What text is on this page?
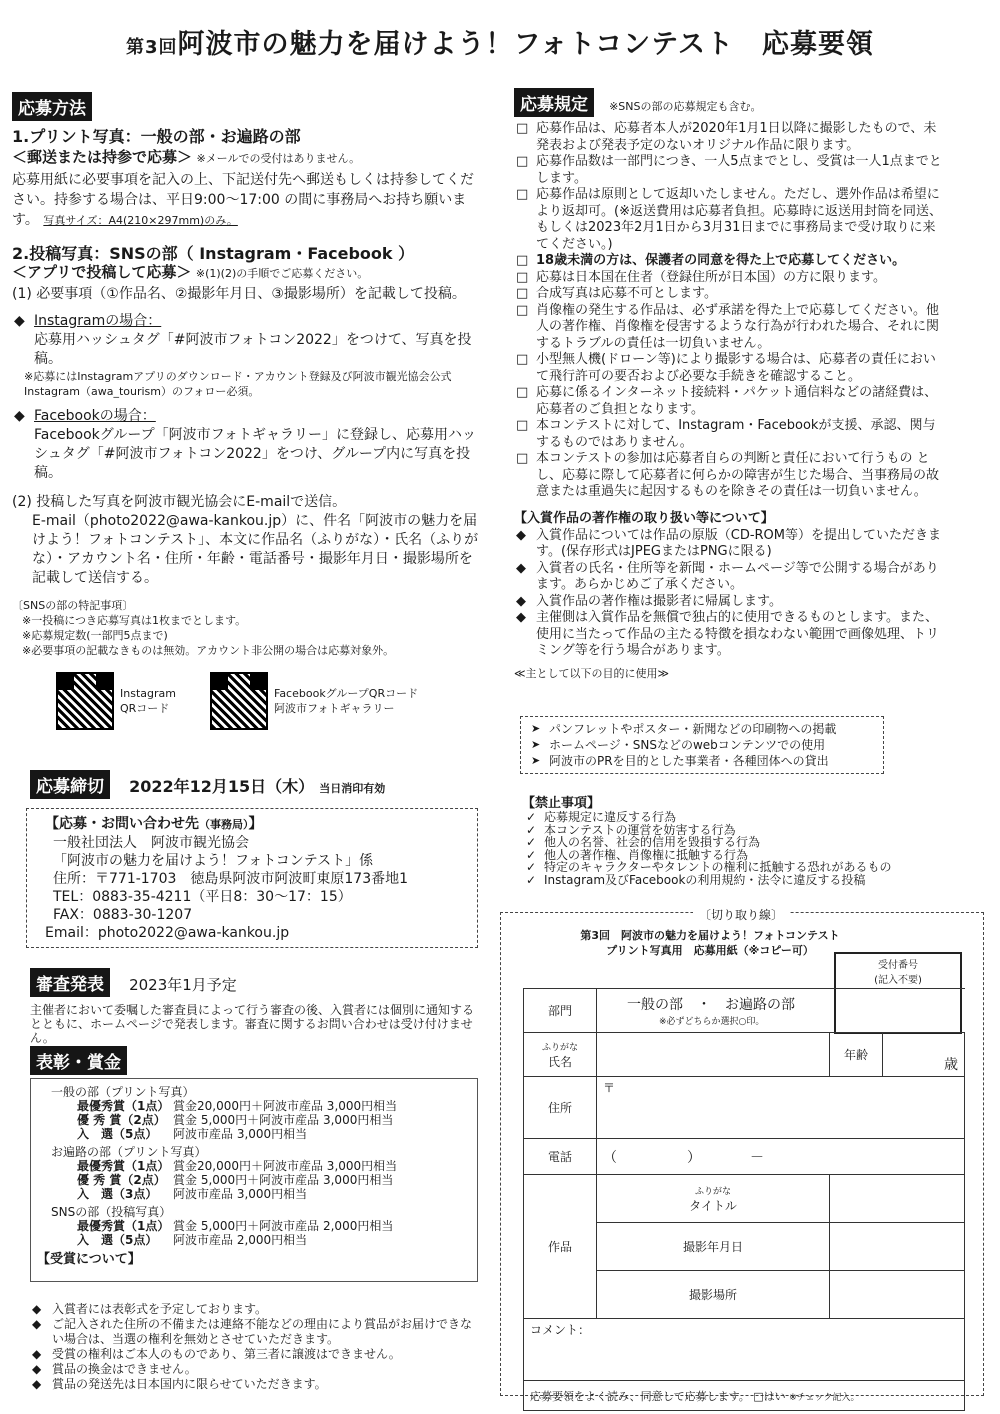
第3回阿波市の魅力を届けよう！フォトコンテスト　応募要領
応募方法
1.プリント写真：一般の部・お遍路の部
＜郵送または持参で応募＞ ※メールでの受付はありません。
応募用紙に必要事項を記入の上、下記送付先へ郵送もしくは持参してください。持参する場合は、平日9:00～17:00 の間に事務局へお持ち願います。 写真サイズ：A4(210×297mm)のみ。
2.投稿写真：SNSの部（ Instagram・Facebook ）
＜アプリで投稿して応募＞ ※(1)(2)の手順でご応募ください。
(1) 必要事項（①作品名、②撮影年月日、③撮影場所）を記載して投稿。
◆ Instagramの場合：
応募用ハッシュタグ「#阿波市フォトコン2022」をつけて、写真を投稿。
※応募にはInstagramアプリのダウンロード・アカウント登録及び阿波市観光協会公式Instagram（awa_tourism）のフォロー必須。
◆ Facebookの場合：
Facebookグループ「阿波市フォトギャラリー」に登録し、応募用ハッシュタグ「#阿波市フォトコン2022」をつけ、グループ内に写真を投稿。
(2) 投稿した写真を阿波市観光協会にE-mailで送信。
E-mail（photo2022@awa-kankou.jp）に、件名「阿波市の魅力を届けよう！フォトコンテスト」、本文に作品名（ふりがな）・氏名（ふりがな）・アカウント名・住所・年齢・電話番号・撮影年月日・撮影場所を記載して送信する。
〔SNSの部の特記事項〕
※一投稿につき応募写真は1枚までとします。
※応募規定数(一部門5点まで)
※必要事項の記載なきものは無効。アカウント非公開の場合は応募対象外。
Instagram QRコード
FacebookグループQRコード
阿波市フォトギャラリー
応募締切 2022年12月15日（木） 当日消印有効
【応募・お問い合わせ先（事務局）】
一般社団法人　阿波市観光協会
「阿波市の魅力を届けよう！フォトコンテスト」係
住所：〒771-1703　徳島県阿波市阿波町東原173番地1
TEL：0883-35-4211（平日8：30～17：15）
FAX：0883-30-1207
Email：photo2022@awa-kankou.jp
審査発表 2023年1月予定
主催者において委嘱した審査員によって行う審査の後、入賞者には個別に通知するとともに、ホームページで発表します。審査に関するお問い合わせは受け付けません。
表彰・賞金
一般の部（プリント写真）
最優秀賞（1点） 賞金20,000円＋阿波市産品 3,000円相当
優 秀 賞（2点） 賞金 5,000円＋阿波市産品 3,000円相当
入　選（5点） 阿波市産品 3,000円相当
お遍路の部（プリント写真）
最優秀賞（1点） 賞金20,000円＋阿波市産品 3,000円相当
優 秀 賞（2点） 賞金 5,000円＋阿波市産品 3,000円相当
入　選（3点） 阿波市産品 3,000円相当
SNSの部（投稿写真）
最優秀賞（1点） 賞金 5,000円＋阿波市産品 2,000円相当
入　選（5点） 阿波市産品 2,000円相当
【受賞について】
◆ 入賞者には表彰式を予定しております。
◆ ご記入された住所の不備または連絡不能などの理由により賞品がお届けできない場合は、当選の権利を無効とさせていただきます。
◆ 受賞の権利はご本人のものであり、第三者に譲渡はできません。
◆ 賞品の換金はできません。
◆ 賞品の発送先は日本国内に限らせていただきます。
応募規定 ※SNSの部の応募規定も含む。
□ 応募作品は、応募者本人が2020年1月1日以降に撮影したもので、未発表および発表予定のないオリジナル作品に限ります。
□ 応募作品数は一部門につき、一人5点までとし、受賞は一人1点までとします。
□ 応募作品は原則として返却いたしません。ただし、選外作品は希望により返却可。(※返送費用は応募者負担。応募時に返送用封筒を同送、もしくは2023年2月1日から3月31日までに事務局まで受け取りに来てください。)
□ 18歳未満の方は、保護者の同意を得た上で応募してください。
□ 応募は日本国在住者（登録住所が日本国）の方に限ります。
□ 合成写真は応募不可とします。
□ 肖像権の発生する作品は、必ず承諾を得た上で応募してください。他人の著作権、肖像権を侵害するような行為が行われた場合、それに関するトラブルの責任は一切負いません。
□ 小型無人機(ドローン等)により撮影する場合は、応募者の責任において飛行許可の要否および必要な手続きを確認すること。
□ 応募に係るインターネット接続料・パケット通信料などの諸経費は、応募者のご負担となります。
□ 本コンテストに対して、Instagram・Facebookが支援、承認、関与するものではありません。
□ 本コンテストの参加は応募者自らの判断と責任において行うもの とし、応募に際して応募者に何らかの障害が生じた場合、当事務局の故意または重過失に起因するものを除きその責任は一切負いません。
【入賞作品の著作権の取り扱い等について】
◆ 入賞作品については作品の原版（CD-ROM等）を提出していただきます。(保存形式はJPEGまたはPNGに限る)
◆ 入賞者の氏名・住所等を新聞・ホームページ等で公開する場合があります。あらかじめご了承ください。
◆ 入賞作品の著作権は撮影者に帰属します。
◆ 主催側は入賞作品を無償で独占的に使用できるものとします。また、使用に当たって作品の主たる特徴を損なわない範囲で画像処理、トリミング等を行う場合があります。
≪主として以下の目的に使用≫
➤ パンフレットやポスター・新聞などの印刷物への掲載
➤ ホームページ・SNSなどのwebコンテンツでの使用
➤ 阿波市のPRを目的とした事業者・各種団体への貸出
【禁止事項】
✓ 応募規定に違反する行為
✓ 本コンテストの運営を妨害する行為
✓ 他人の名誉、社会的信用を毀損する行為
✓ 他人の著作権、肖像権に抵触する行為
✓ 特定のキャラクターやタレントの権利に抵触する恐れがあるもの
✓ Instagram及びFacebookの利用規約・法令に違反する投稿
〔切り取り線〕
第3回　阿波市の魅力を届けよう！フォトコンテスト
プリント写真用　応募用紙（※コピー可）
受付番号
(記入不要)
部門	一般の部　・　お遍路の部
※必ずどちらか選択○印。		

ふりがな
氏名		年齢	歳
住所	〒		
電話	（　　　　　）　　　　－		
作品	ふりがな
タイトル		

	撮影年月日		
	撮影場所		
コメント：			
応募要領をよく読み、同意して応募します。 □はい ※チェック記入。			
